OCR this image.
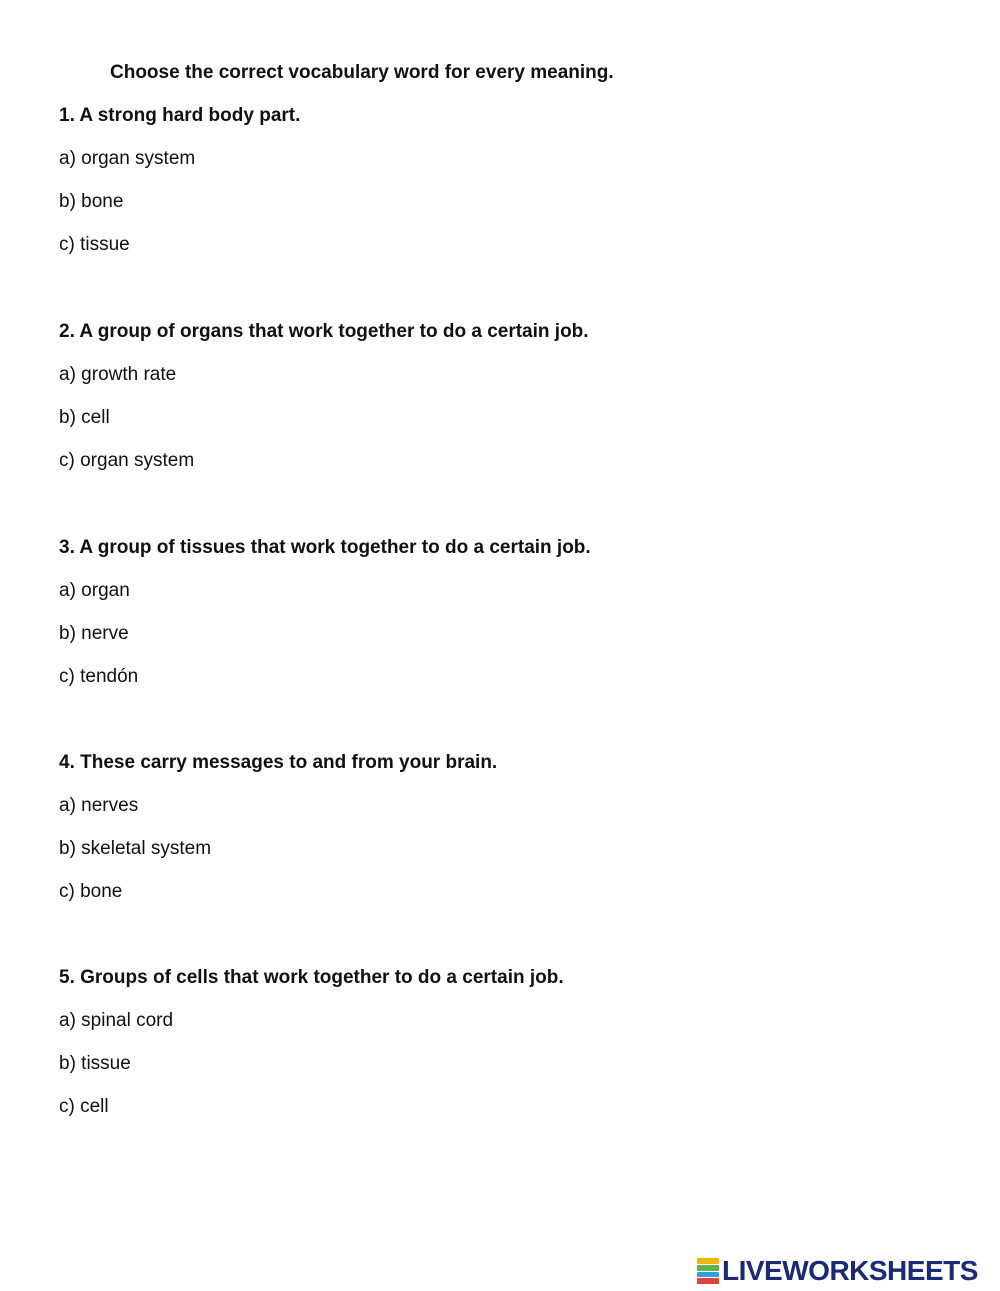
Choose the correct vocabulary word for every meaning.
1. A strong hard body part.
a) organ system
b) bone
c) tissue
2. A group of organs that work together to do a certain job.
a) growth rate
b) cell
c) organ system
3. A group of tissues that work together to do a certain job.
a) organ
b) nerve
c) tendón
4. These carry messages to and from your brain.
a) nerves
b) skeletal system
c) bone
5. Groups of cells that work together to do a certain job.
a) spinal cord
b) tissue
c) cell
LIVEWORKSHEETS
